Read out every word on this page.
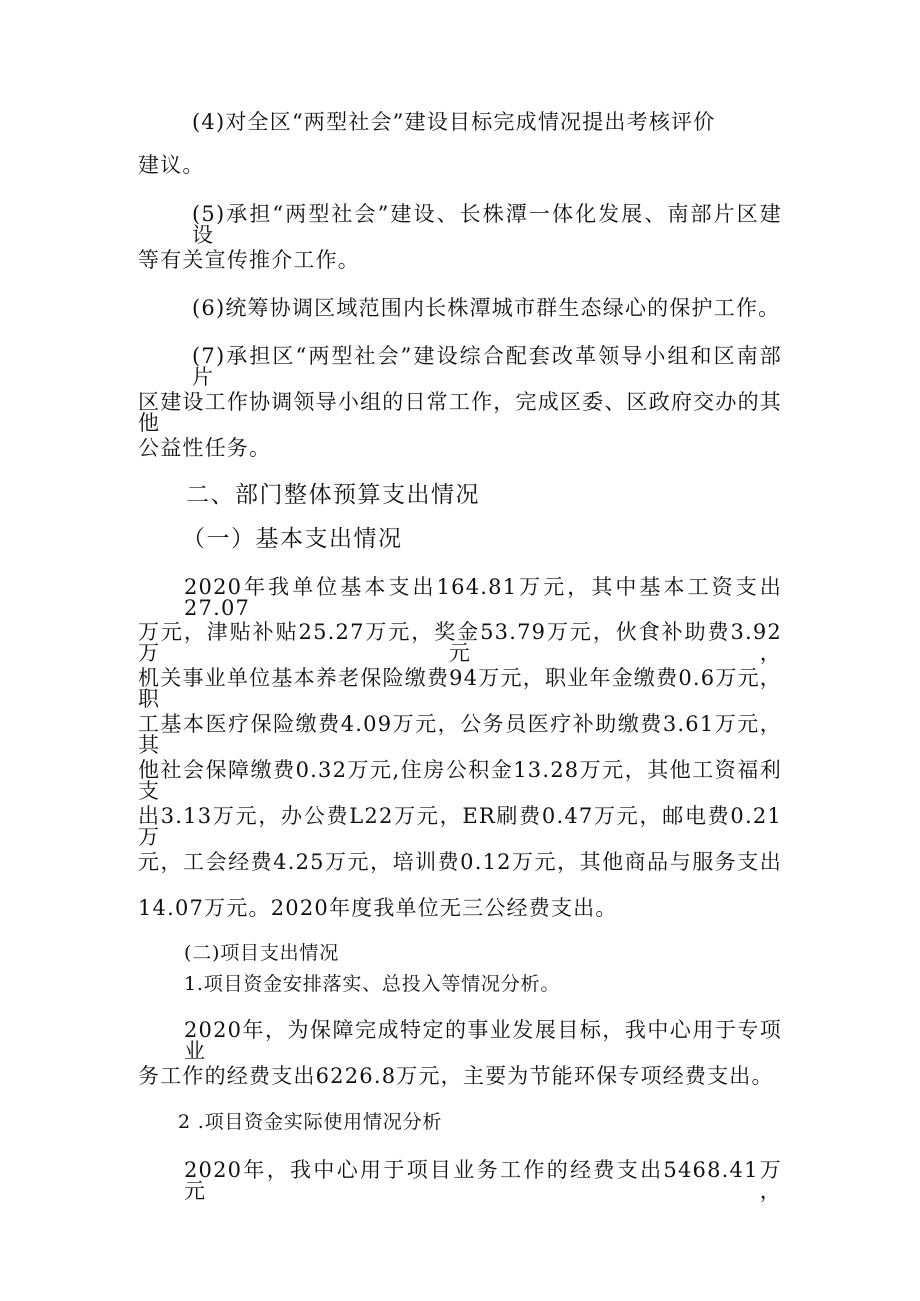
(4)对全区“两型社会”建设目标完成情况提出考核评价
建议。
(5)承担“两型社会”建设、长株潭一体化发展、南部片区建设
等有关宣传推介工作。
(6)统筹协调区域范围内长株潭城市群生态绿心的保护工作。
(7)承担区“两型社会”建设综合配套改革领导小组和区南部片
区建设工作协调领导小组的日常工作，完成区委、区政府交办的其他
公益性任务。
二、部门整体预算支出情况
（一）基本支出情况
2020年我单位基本支出164.81万元，其中基本工资支出27.07
万元，津贴补贴25.27万元，奖金53.79万元，伙食补助费3.92万元，
机关事业单位基本养老保险缴费94万元，职业年金缴费0.6万元，职
工基本医疗保险缴费4.09万元，公务员医疗补助缴费3.61万元，其
他社会保障缴费0.32万元,住房公积金13.28万元，其他工资福利支
出3.13万元，办公费L22万元，ER刷费0.47万元，邮电费0.21万
元，工会经费4.25万元，培训费0.12万元，其他商品与服务支出
14.07万元。2020年度我单位无三公经费支出。
(二)项目支出情况
1.项目资金安排落实、总投入等情况分析。
2020年，为保障完成特定的事业发展目标，我中心用于专项业
务工作的经费支出6226.8万元，主要为节能环保专项经费支出。
2 .项目资金实际使用情况分析
2020年，我中心用于项目业务工作的经费支出5468.41万元，
